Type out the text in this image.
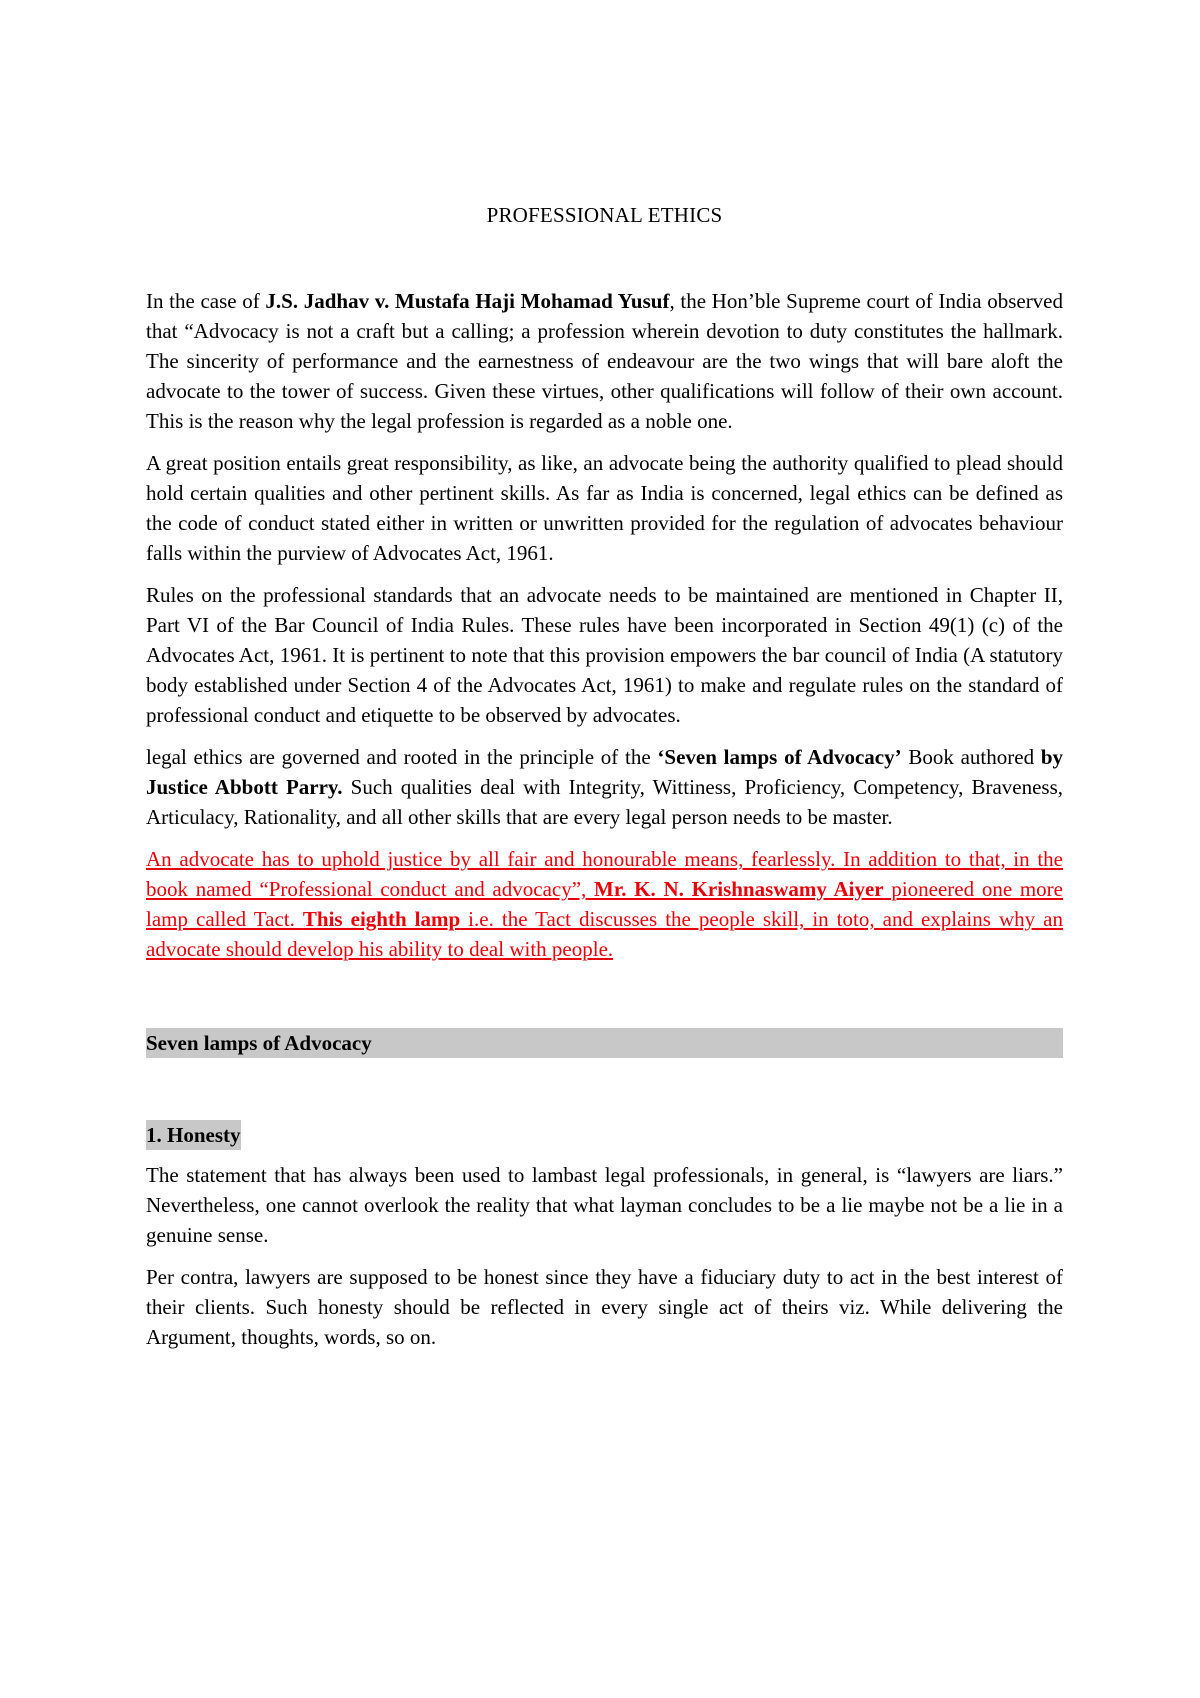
PROFESSIONAL ETHICS

In the case of J.S. Jadhav v. Mustafa Haji Mohamad Yusuf, the Hon’ble Supreme court of India observed that “Advocacy is not a craft but a calling; a profession wherein devotion to duty constitutes the hallmark. The sincerity of performance and the earnestness of endeavour are the two wings that will bare aloft the advocate to the tower of success. Given these virtues, other qualifications will follow of their own account. This is the reason why the legal profession is regarded as a noble one.

A great position entails great responsibility, as like, an advocate being the authority qualified to plead should hold certain qualities and other pertinent skills. As far as India is concerned, legal ethics can be defined as the code of conduct stated either in written or unwritten provided for the regulation of advocates behaviour falls within the purview of Advocates Act, 1961.

Rules on the professional standards that an advocate needs to be maintained are mentioned in Chapter II, Part VI of the Bar Council of India Rules. These rules have been incorporated in Section 49(1) (c) of the Advocates Act, 1961. It is pertinent to note that this provision empowers the bar council of India (A statutory body established under Section 4 of the Advocates Act, 1961) to make and regulate rules on the standard of professional conduct and etiquette to be observed by advocates.

legal ethics are governed and rooted in the principle of the ‘Seven lamps of Advocacy’ Book authored by Justice Abbott Parry. Such qualities deal with Integrity, Wittiness, Proficiency, Competency, Braveness, Articulacy, Rationality, and all other skills that are every legal person needs to be master.

An advocate has to uphold justice by all fair and honourable means, fearlessly. In addition to that, in the book named “Professional conduct and advocacy”, Mr. K. N. Krishnaswamy Aiyer pioneered one more lamp called Tact. This eighth lamp i.e. the Tact discusses the people skill, in toto, and explains why an advocate should develop his ability to deal with people.

Seven lamps of Advocacy
1. Honesty

The statement that has always been used to lambast legal professionals, in general, is “lawyers are liars.” Nevertheless, one cannot overlook the reality that what layman concludes to be a lie maybe not be a lie in a genuine sense.

Per contra, lawyers are supposed to be honest since they have a fiduciary duty to act in the best interest of their clients. Such honesty should be reflected in every single act of theirs viz. While delivering the Argument, thoughts, words, so on.
